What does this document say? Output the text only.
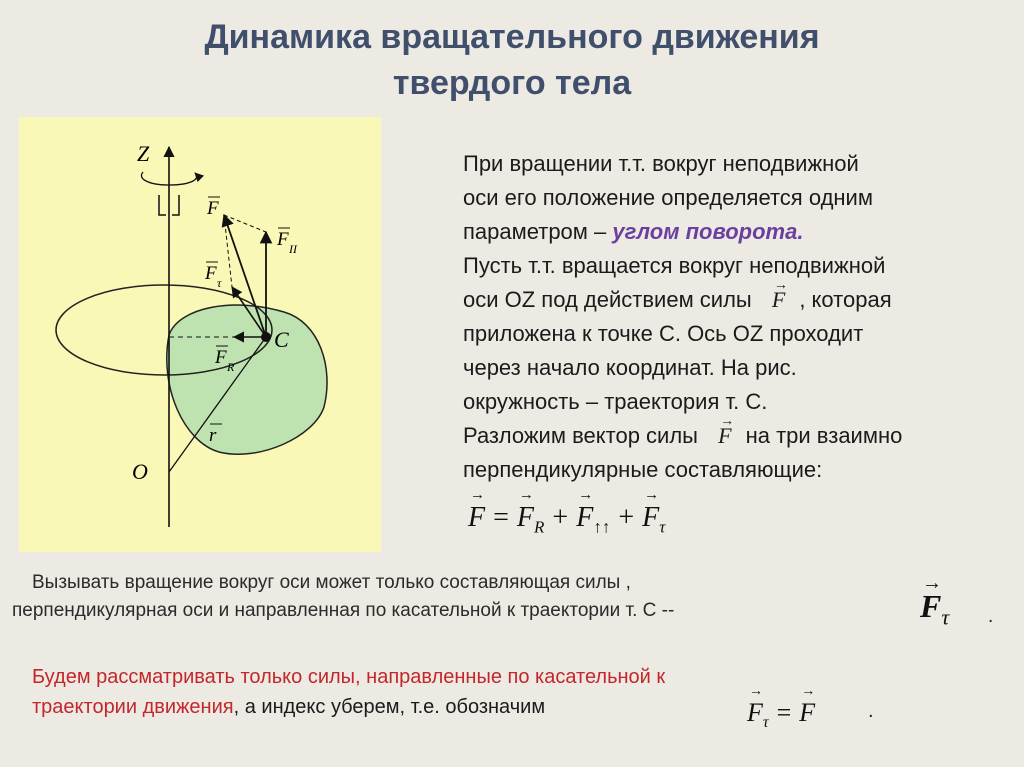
Динамика вращательного движения
твердого тела
Z
O
C
F
F II
F τ
F R
r
При вращении т.т. вокруг неподвижной
оси его положение определяется одним
параметром – углом поворота.
Пусть т.т. вращается вокруг неподвижной
оси OZ под действием силы → F , которая
приложена к точке С. Ось OZ проходит
через начало координат. На рис.
окружность – траектория т. С.
Разложим вектор силы → F на три взаимно
перпендикулярные составляющие:
→ F = → $F_R$ + → $F_{↑↑}$ + → $F_\tau$
Вызывать вращение вокруг оси может только составляющая силы ,
перпендикулярная оси и направленная по касательной к траектории т. С --	→ $F_\tau$ .
Будем рассматривать только силы, направленные по касательной к
траектории движения, а индекс уберем, т.е. обозначим	→ $F_\tau$ = → F	.
